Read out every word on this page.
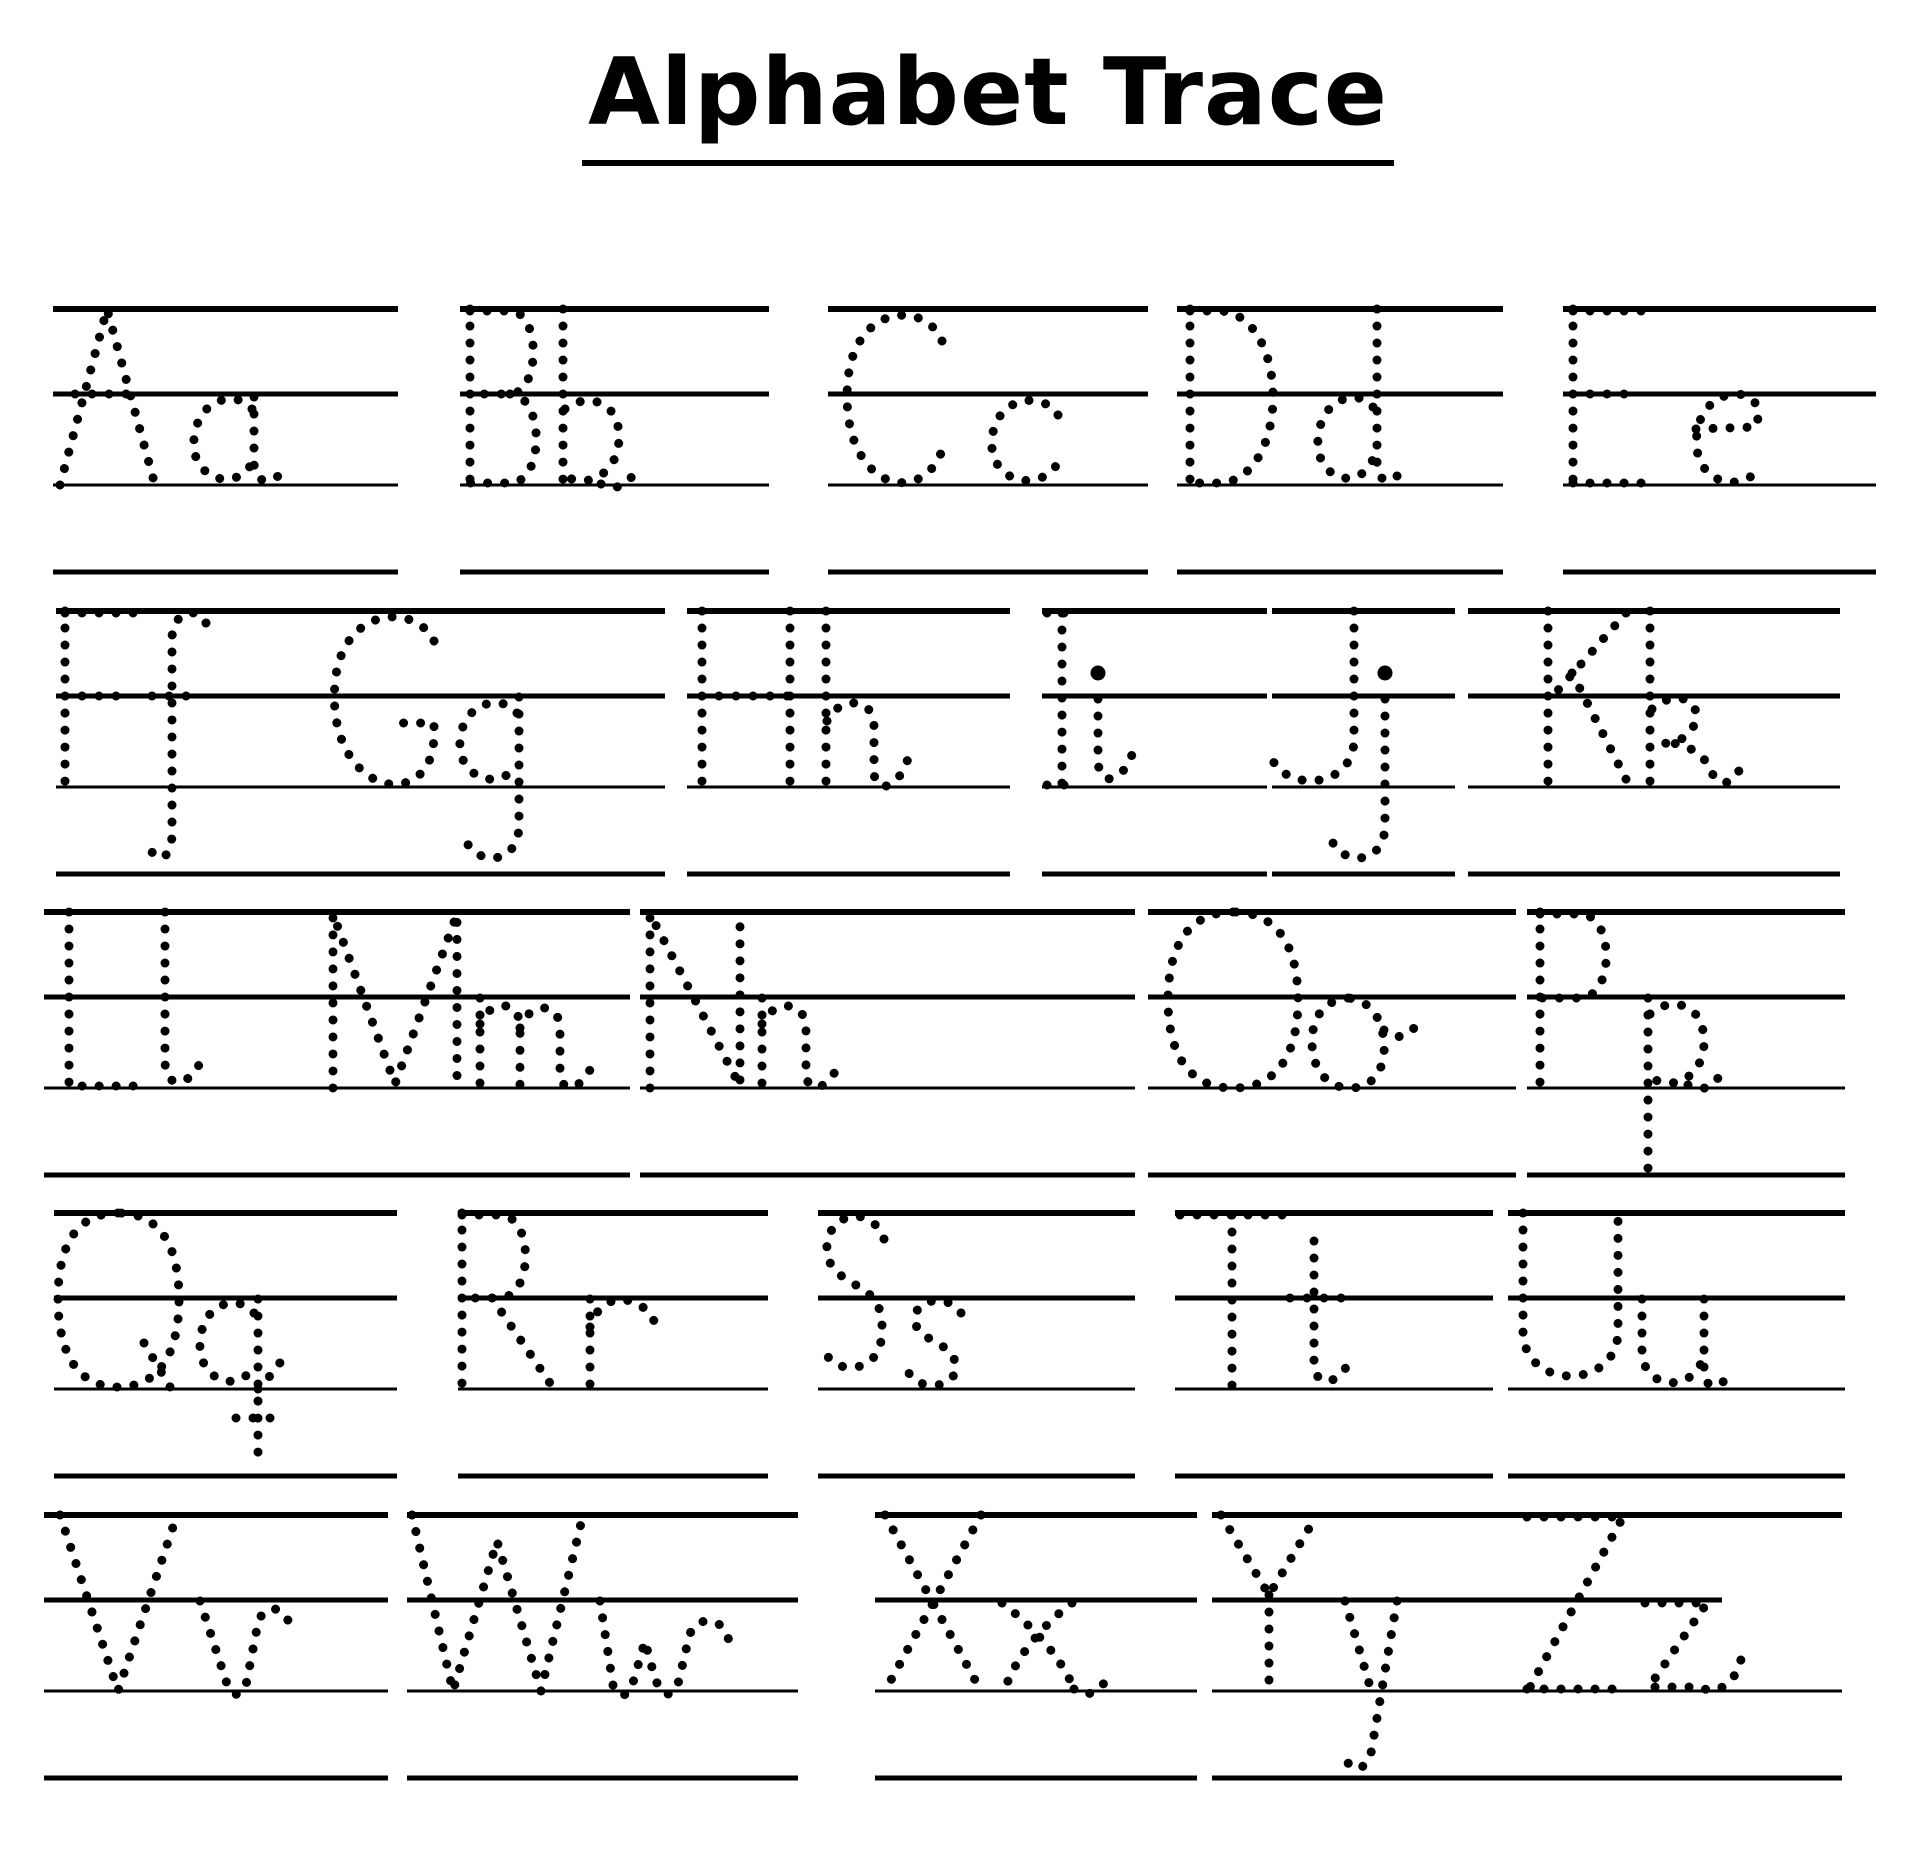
Alphabet Trace
